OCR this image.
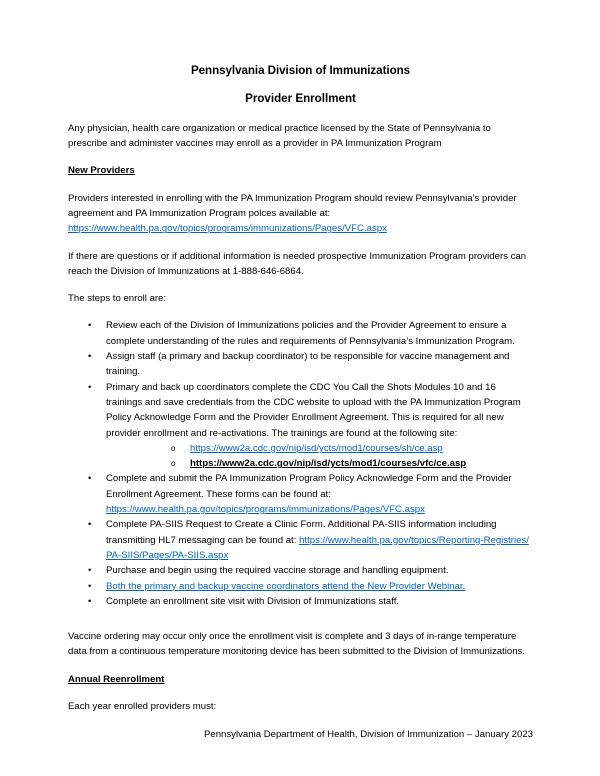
Pennsylvania Division of Immunizations
Provider Enrollment

Any physician, health care organization or medical practice licensed by the State of Pennsylvania to prescribe and administer vaccines may enroll as a provider in PA Immunization Program

New Providers

Providers interested in enrolling with the PA Immunization Program should review Pennsylvania’s provider agreement and PA Immunization Program polces available at:
https://www.health.pa.gov/topics/programs/immunizations/Pages/VFC.aspx

If there are questions or if additional information is needed prospective Immunization Program providers can reach the Division of Immunizations at 1-888-646-6864.

The steps to enroll are:

• Review each of the Division of Immunizations policies and the Provider Agreement to ensure a complete understanding of the rules and requirements of Pennsylvania’s Immunization Program.
• Assign staff (a primary and backup coordinator) to be responsible for vaccine management and training.
• Primary and back up coordinators complete the CDC You Call the Shots Modules 10 and 16 trainings and save credentials from the CDC website to upload with the PA Immunization Program Policy Acknowledge Form and the Provider Enrollment Agreement. This is required for all new provider enrollment and re-activations. The trainings are found at the following site:
o https://www2a.cdc.gov/nip/isd/ycts/mod1/courses/sh/ce.asp
o https://www2a.cdc.gov/nip/isd/ycts/mod1/courses/vfc/ce.asp
• Complete and submit the PA Immunization Program Policy Acknowledge Form and the Provider Enrollment Agreement. These forms can be found at:
https://www.health.pa.gov/topics/programs/immunizations/Pages/VFC.aspx
• Complete PA-SIIS Request to Create a Clinic Form. Additional PA-SIIS information including transmitting HL7 messaging can be found at: https://www.health.pa.gov/topics/Reporting-Registries/PA-SIIS/Pages/PA-SIIS.aspx
• Purchase and begin using the required vaccine storage and handling equipment.
• Both the primary and backup vaccine coordinators attend the New Provider Webinar.
• Complete an enrollment site visit with Division of Immunizations staff.

Vaccine ordering may occur only once the enrollment visit is complete and 3 days of in-range temperature data from a continuous temperature monitoring device has been submitted to the Division of Immunizations.

Annual Reenrollment

Each year enrolled providers must:

Pennsylvania Department of Health, Division of Immunization – January 2023
